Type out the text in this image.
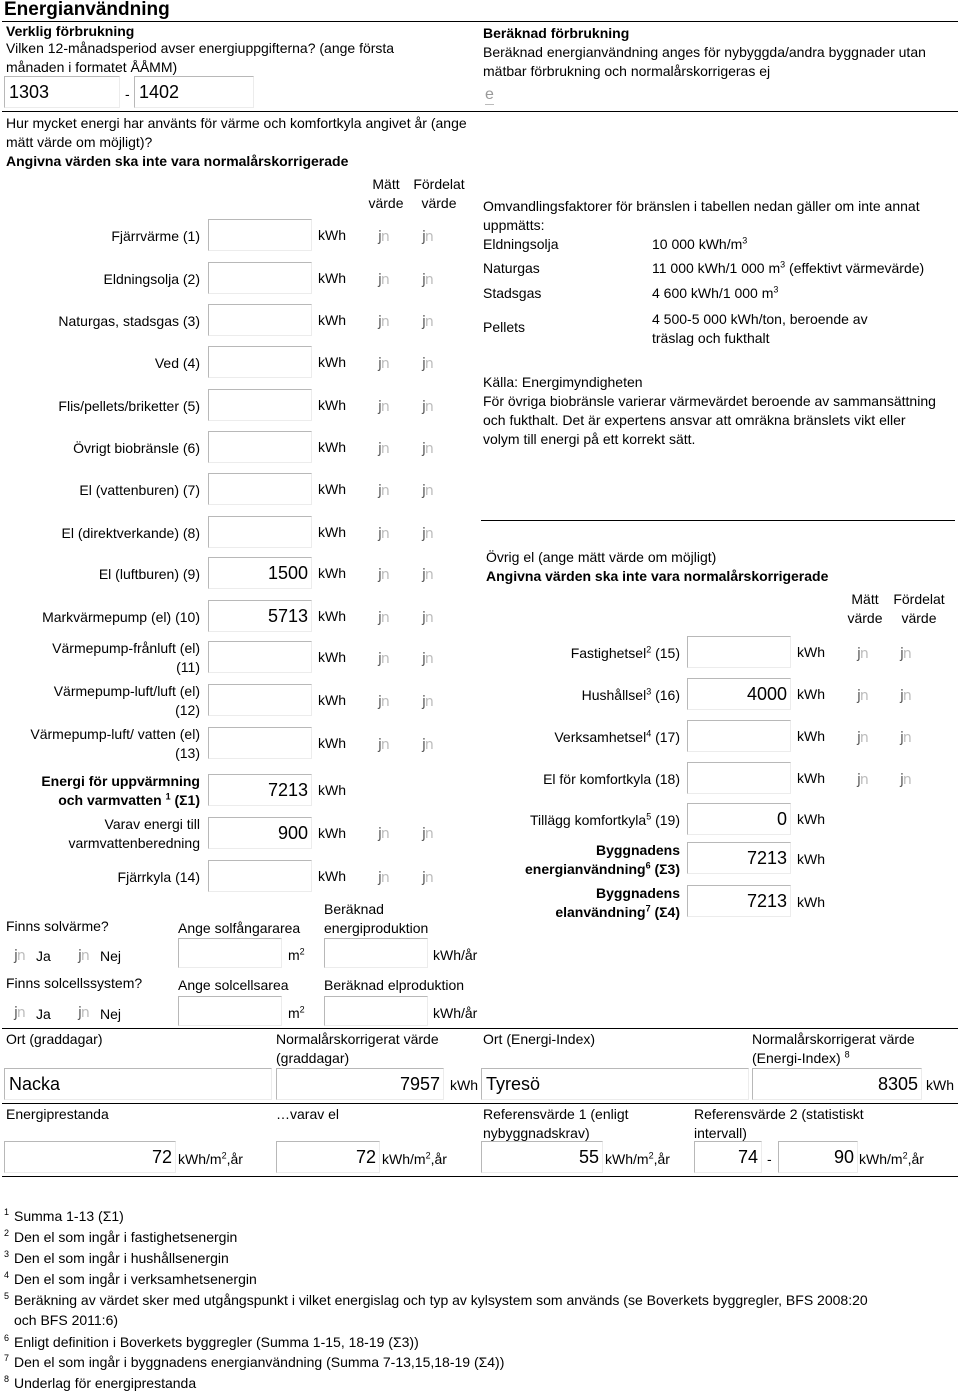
Energianvändning
Verklig förbrukning
Vilken 12-månadsperiod avser energiuppgifterna? (ange första månaden i formatet ÅÅMM)
1303	- 1402
Hur mycket energi har använts för värme och komfortkyla angivet år (ange mätt värde om möjligt)?
Angivna värden ska inte vara normalårskorrigerade
Mätt värde
Fördelat värde
Fjärrvärme (1)	kWh jn jn
Eldningsolja (2)	kWh jn jn
Naturgas, stadsgas (3)	kWh jn jn
Ved (4)	kWh jn jn
Flis/pellets/briketter (5)	kWh jn jn
Övrigt biobränsle (6)	kWh jn jn
El (vattenburen) (7)	kWh jn jn
El (direktverkande) (8)	kWh jn jn
El (luftburen) (9)	1500 kWh jn jn
Markvärmepump (el) (10)	5713 kWh jn jn
Värmepump-frånluft (el) (11)
kWh jn jn
Värmepump-luft/luft (el) (12)
kWh jn jn
Värmepump-luft/ vatten (el) (13)
kWh jn jn
Energi för uppvärmning och varmvatten $^1$ (Σ1)	7213 kWh
Varav energi till varmvattenberedning	900 kWh jn jn
Fjärrkyla (14)	kWh jn jn
Finns solvärme?	Ange solfångararea
Beräknad energiproduktion
jn Ja jn Nej	$m^2$	kWh/år
Finns solcellssystem?	Ange solcellsarea	Beräknad elproduktion
jn Ja jn Nej	$m^2$	kWh/år
Beräknad förbrukning
Beräknad energianvändning anges för nybyggda/andra byggnader utan mätbar förbrukning och normalårskorrigeras ej
e
Omvandlingsfaktorer för bränslen i tabellen nedan gäller om inte annat uppmätts:
Eldningsolja	10 000 kWh/$m^3$
Naturgas	11 000 kWh/1 000 $m^3$ (effektivt värmevärde)
Stadsgas	4 600 kWh/1 000 $m^3$
Pellets	4 500-5 000 kWh/ton, beroende av träslag och fukthalt
Källa: Energimyndigheten
För övriga biobränsle varierar värmevärdet beroende av sammansättning och fukthalt. Det är expertens ansvar att omräkna bränslets vikt eller volym till energi på ett korrekt sätt.
Övrig el (ange mätt värde om möjligt)
Angivna värden ska inte vara normalårskorrigerade
Mätt värde
Fördelat värde
Fastighetsel$^2$ (15)	kWh jn jn
Hushållsel$^3$ (16)	4000 kWh jn jn
Verksamhetsel$^4$ (17)	kWh jn jn
El för komfortkyla (18)	kWh jn jn
Tillägg komfortkyla$^5$ (19)	0 kWh
Byggnadens
energianvändning$^6$ (Σ3)
7213 kWh
Byggnadens
elanvändning$^7$ (Σ4)
7213 kWh
Ort (graddagar)	Normalårskorrigerat värde (graddagar)
Ort (Energi-Index)	Normalårskorrigerat värde (Energi-Index) $^8$
Nacka	7957 kWh Tyresö	8305 kWh
Energiprestanda	…varav el	Referensvärde 1 (enligt nybyggnadskrav)
Referensvärde 2 (statistiskt intervall)
72 kWh/$m^2,år$	72 kWh/$m^2,år$	55 kWh/$m^2,år$	74 -	90 kWh/$m^2,år$
$^1$ Summa 1-13 (Σ1)
$^2$ Den el som ingår i fastighetsenergin
$^3$ Den el som ingår i hushållsenergin
$^4$ Den el som ingår i verksamhetsenergin
$^5$ Beräkning av värdet sker med utgångspunkt i vilket energislag och typ av kylsystem som används (se Boverkets byggregler, BFS 2008:20
och BFS 2011:6)
$^6$ Enligt definition i Boverkets byggregler (Summa 1-15, 18-19 (Σ3))
$^7$ Den el som ingår i byggnadens energianvändning (Summa 7-13,15,18-19 (Σ4))
$^8$ Underlag för energiprestanda
